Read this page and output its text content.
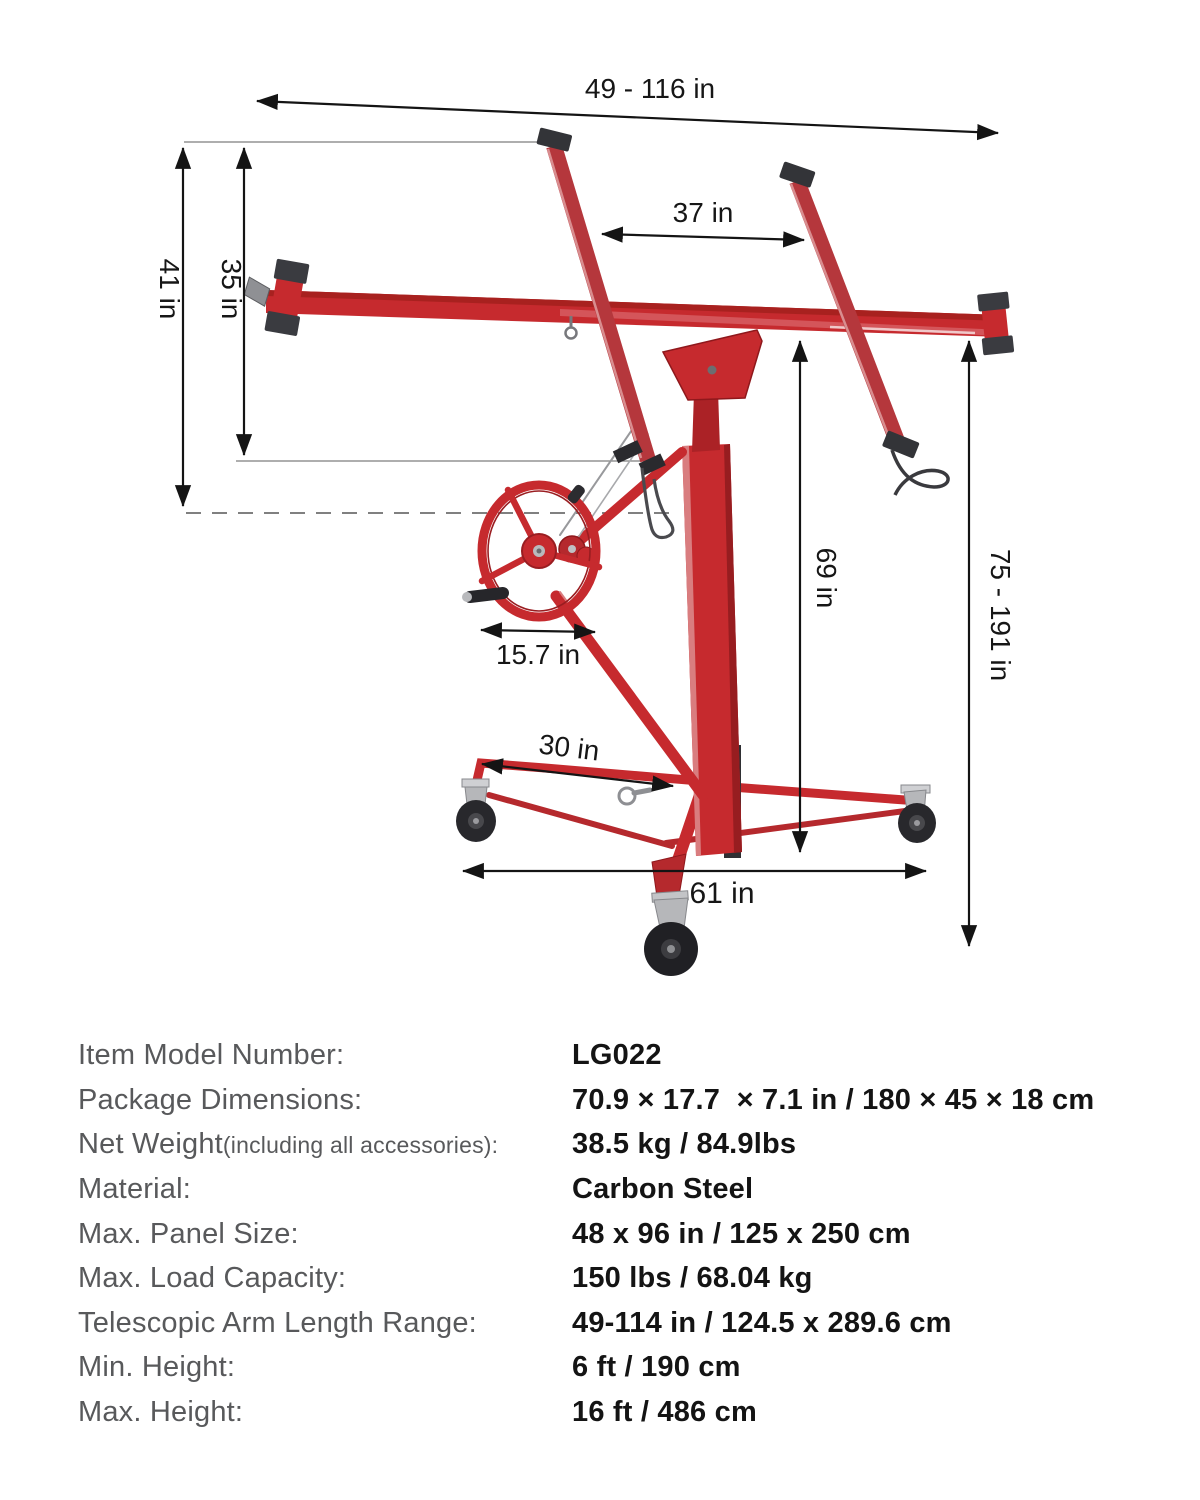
49 - 116 in
41 in 35 in
37 in
69 in	75 - 191 in
15.7 in
30 in
61 in
Item Model Number:	LG022
Package Dimensions:	70.9 × 17.7  × 7.1 in / 180 × 45 × 18 cm
Net Weight(including all accessories):	38.5 kg / 84.9lbs
Material:	Carbon Steel
Max. Panel Size:	48 x 96 in / 125 x 250 cm
Max. Load Capacity:	150 lbs / 68.04 kg
Telescopic Arm Length Range:	49-114 in / 124.5 x 289.6 cm
Min. Height:	6 ft / 190 cm
Max. Height:	16 ft / 486 cm
